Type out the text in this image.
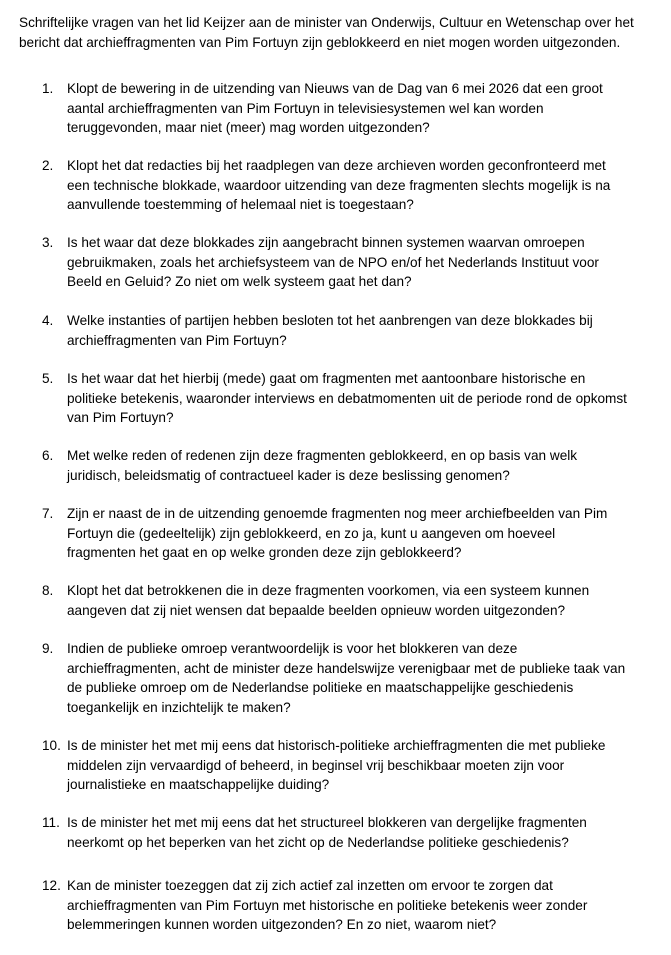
Schriftelijke vragen van het lid Keijzer aan de minister van Onderwijs, Cultuur en Wetenschap over het bericht dat archieffragmenten van Pim Fortuyn zijn geblokkeerd en niet mogen worden uitgezonden.

1.	Klopt de bewering in de uitzending van Nieuws van de Dag van 6 mei 2026 dat een groot aantal archieffragmenten van Pim Fortuyn in televisiesystemen wel kan worden teruggevonden, maar niet (meer) mag worden uitgezonden?
2.	Klopt het dat redacties bij het raadplegen van deze archieven worden geconfronteerd met een technische blokkade, waardoor uitzending van deze fragmenten slechts mogelijk is na aanvullende toestemming of helemaal niet is toegestaan?
3.	Is het waar dat deze blokkades zijn aangebracht binnen systemen waarvan omroepen gebruikmaken, zoals het archiefsysteem van de NPO en/of het Nederlands Instituut voor Beeld en Geluid? Zo niet om welk systeem gaat het dan?
4.	Welke instanties of partijen hebben besloten tot het aanbrengen van deze blokkades bij archieffragmenten van Pim Fortuyn?
5.	Is het waar dat het hierbij (mede) gaat om fragmenten met aantoonbare historische en politieke betekenis, waaronder interviews en debatmomenten uit de periode rond de opkomst van Pim Fortuyn?
6.	Met welke reden of redenen zijn deze fragmenten geblokkeerd, en op basis van welk juridisch, beleidsmatig of contractueel kader is deze beslissing genomen?
7.	Zijn er naast de in de uitzending genoemde fragmenten nog meer archiefbeelden van Pim Fortuyn die (gedeeltelijk) zijn geblokkeerd, en zo ja, kunt u aangeven om hoeveel fragmenten het gaat en op welke gronden deze zijn geblokkeerd?
8.	Klopt het dat betrokkenen die in deze fragmenten voorkomen, via een systeem kunnen aangeven dat zij niet wensen dat bepaalde beelden opnieuw worden uitgezonden?
9.	Indien de publieke omroep verantwoordelijk is voor het blokkeren van deze archieffragmenten, acht de minister deze handelswijze verenigbaar met de publieke taak van de publieke omroep om de Nederlandse politieke en maatschappelijke geschiedenis toegankelijk en inzichtelijk te maken?
10. Is de minister het met mij eens dat historisch-politieke archieffragmenten die met publieke middelen zijn vervaardigd of beheerd, in beginsel vrij beschikbaar moeten zijn voor journalistieke en maatschappelijke duiding?
11. Is de minister het met mij eens dat het structureel blokkeren van dergelijke fragmenten neerkomt op het beperken van het zicht op de Nederlandse politieke geschiedenis?
12. Kan de minister toezeggen dat zij zich actief zal inzetten om ervoor te zorgen dat archieffragmenten van Pim Fortuyn met historische en politieke betekenis weer zonder belemmeringen kunnen worden uitgezonden? En zo niet, waarom niet?
